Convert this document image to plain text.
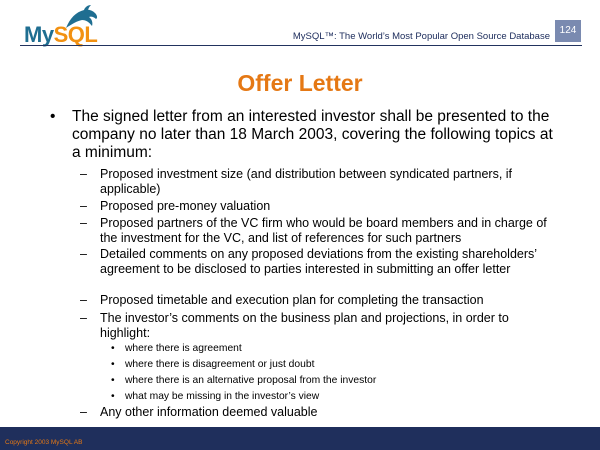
MySQL	MySQL™: The World’s Most Popular Open Source Database
124
Offer Letter
• The signed letter from an interested investor shall be presented to the company no later than 18 March 2003, covering the following topics at a minimum:
– Proposed investment size (and distribution between syndicated partners, if applicable)
– Proposed pre-money valuation
– Proposed partners of the VC firm who would be board members and in charge of the investment for the VC, and list of references for such partners
– Detailed comments on any proposed deviations from the existing shareholders’ agreement to be disclosed to parties interested in submitting an offer letter
– Proposed timetable and execution plan for completing the transaction
– The investor’s comments on the business plan and projections, in order to highlight:
• where there is agreement
• where there is disagreement or just doubt
• where there is an alternative proposal from the investor
• what may be missing in the investor’s view
– Any other information deemed valuable
Copyright 2003 MySQL AB
